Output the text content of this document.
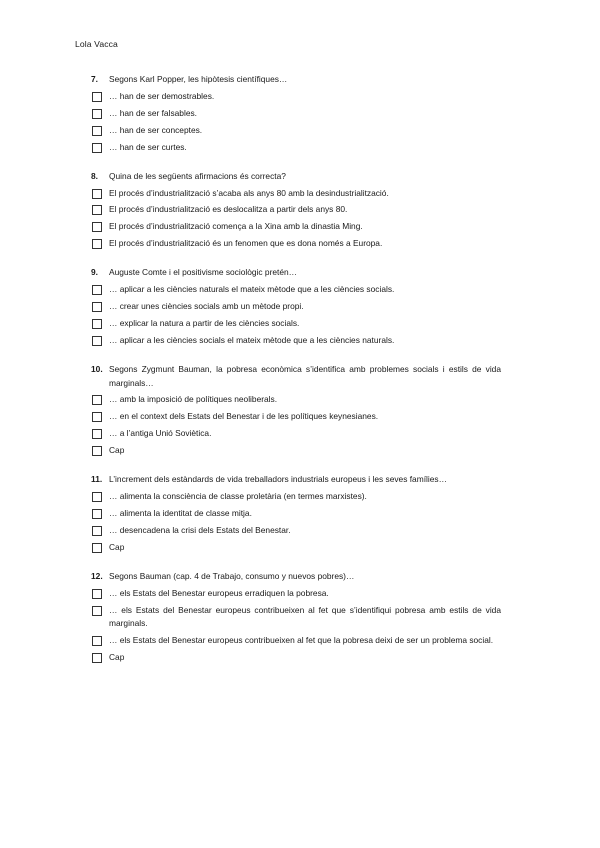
Lola Vacca
7. Segons Karl Popper, les hipòtesis científiques…
… han de ser demostrables.
… han de ser falsables.
… han de ser conceptes.
… han de ser curtes.
8. Quina de les següents afirmacions és correcta?
El procés d’industrialització s’acaba als anys 80 amb la desindustrialització.
El procés d’industrialització es deslocalitza a partir dels anys 80.
El procés d’industrialització comença a la Xina amb la dinastia Ming.
El procés d’industrialització és un fenomen que es dona només a Europa.
9. Auguste Comte i el positivisme sociològic pretén…
… aplicar a les ciències naturals el mateix mètode que a les ciències socials.
… crear unes ciències socials amb un mètode propi.
… explicar la natura a partir de les ciències socials.
… aplicar a les ciències socials el mateix mètode que a les ciències naturals.
10. Segons Zygmunt Bauman, la pobresa econòmica s’identifica amb problemes socials i estils de vida marginals…
… amb la imposició de polítiques neoliberals.
… en el context dels Estats del Benestar i de les polítiques keynesianes.
… a l’antiga Unió Soviètica.
Cap
11. L’increment dels estàndards de vida treballadors industrials europeus i les seves famílies…
… alimenta la consciència de classe proletària (en termes marxistes).
… alimenta la identitat de classe mitja.
… desencadena la crisi dels Estats del Benestar.
Cap
12. Segons Bauman (cap. 4 de Trabajo, consumo y nuevos pobres)…
… els Estats del Benestar europeus erradiquen la pobresa.
… els Estats del Benestar europeus contribueixen al fet que s’identifiqui pobresa amb estils de vida marginals.
… els Estats del Benestar europeus contribueixen al fet que la pobresa deixi de ser un problema social.
Cap
